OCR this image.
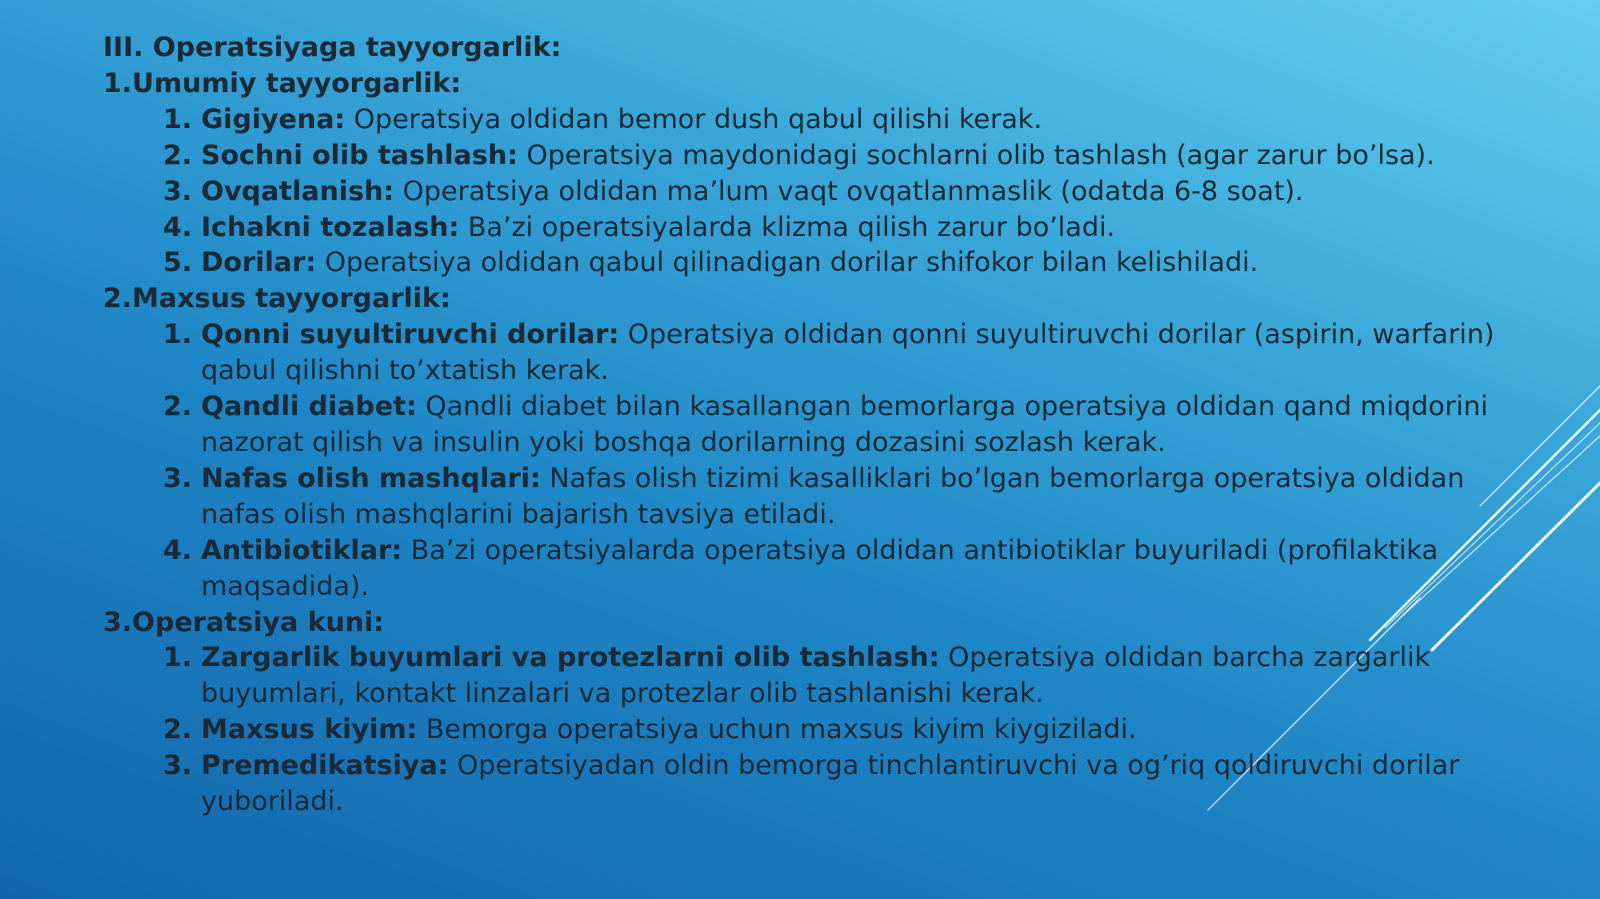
III. Operatsiyaga tayyorgarlik:
1.Umumiy tayyorgarlik:
1. Gigiyena: Operatsiya oldidan bemor dush qabul qilishi kerak.
2. Sochni olib tashlash: Operatsiya maydonidagi sochlarni olib tashlash (agar zarur bo’lsa).
3. Ovqatlanish: Operatsiya oldidan ma’lum vaqt ovqatlanmaslik (odatda 6-8 soat).
4. Ichakni tozalash: Ba’zi operatsiyalarda klizma qilish zarur bo’ladi.
5. Dorilar: Operatsiya oldidan qabul qilinadigan dorilar shifokor bilan kelishiladi.
2.Maxsus tayyorgarlik:
1. Qonni suyultiruvchi dorilar: Operatsiya oldidan qonni suyultiruvchi dorilar (aspirin, warfarin) qabul qilishni to’xtatish kerak.
2. Qandli diabet: Qandli diabet bilan kasallangan bemorlarga operatsiya oldidan qand miqdorini nazorat qilish va insulin yoki boshqa dorilarning dozasini sozlash kerak.
3. Nafas olish mashqlari: Nafas olish tizimi kasalliklari bo’lgan bemorlarga operatsiya oldidan nafas olish mashqlarini bajarish tavsiya etiladi.
4. Antibiotiklar: Ba’zi operatsiyalarda operatsiya oldidan antibiotiklar buyuriladi (profilaktika maqsadida).
3.Operatsiya kuni:
1. Zargarlik buyumlari va protezlarni olib tashlash: Operatsiya oldidan barcha zargarlik buyumlari, kontakt linzalari va protezlar olib tashlanishi kerak.
2. Maxsus kiyim: Bemorga operatsiya uchun maxsus kiyim kiygiziladi.
3. Premedikatsiya: Operatsiyadan oldin bemorga tinchlantiruvchi va og’riq qoldiruvchi dorilar yuboriladi.
